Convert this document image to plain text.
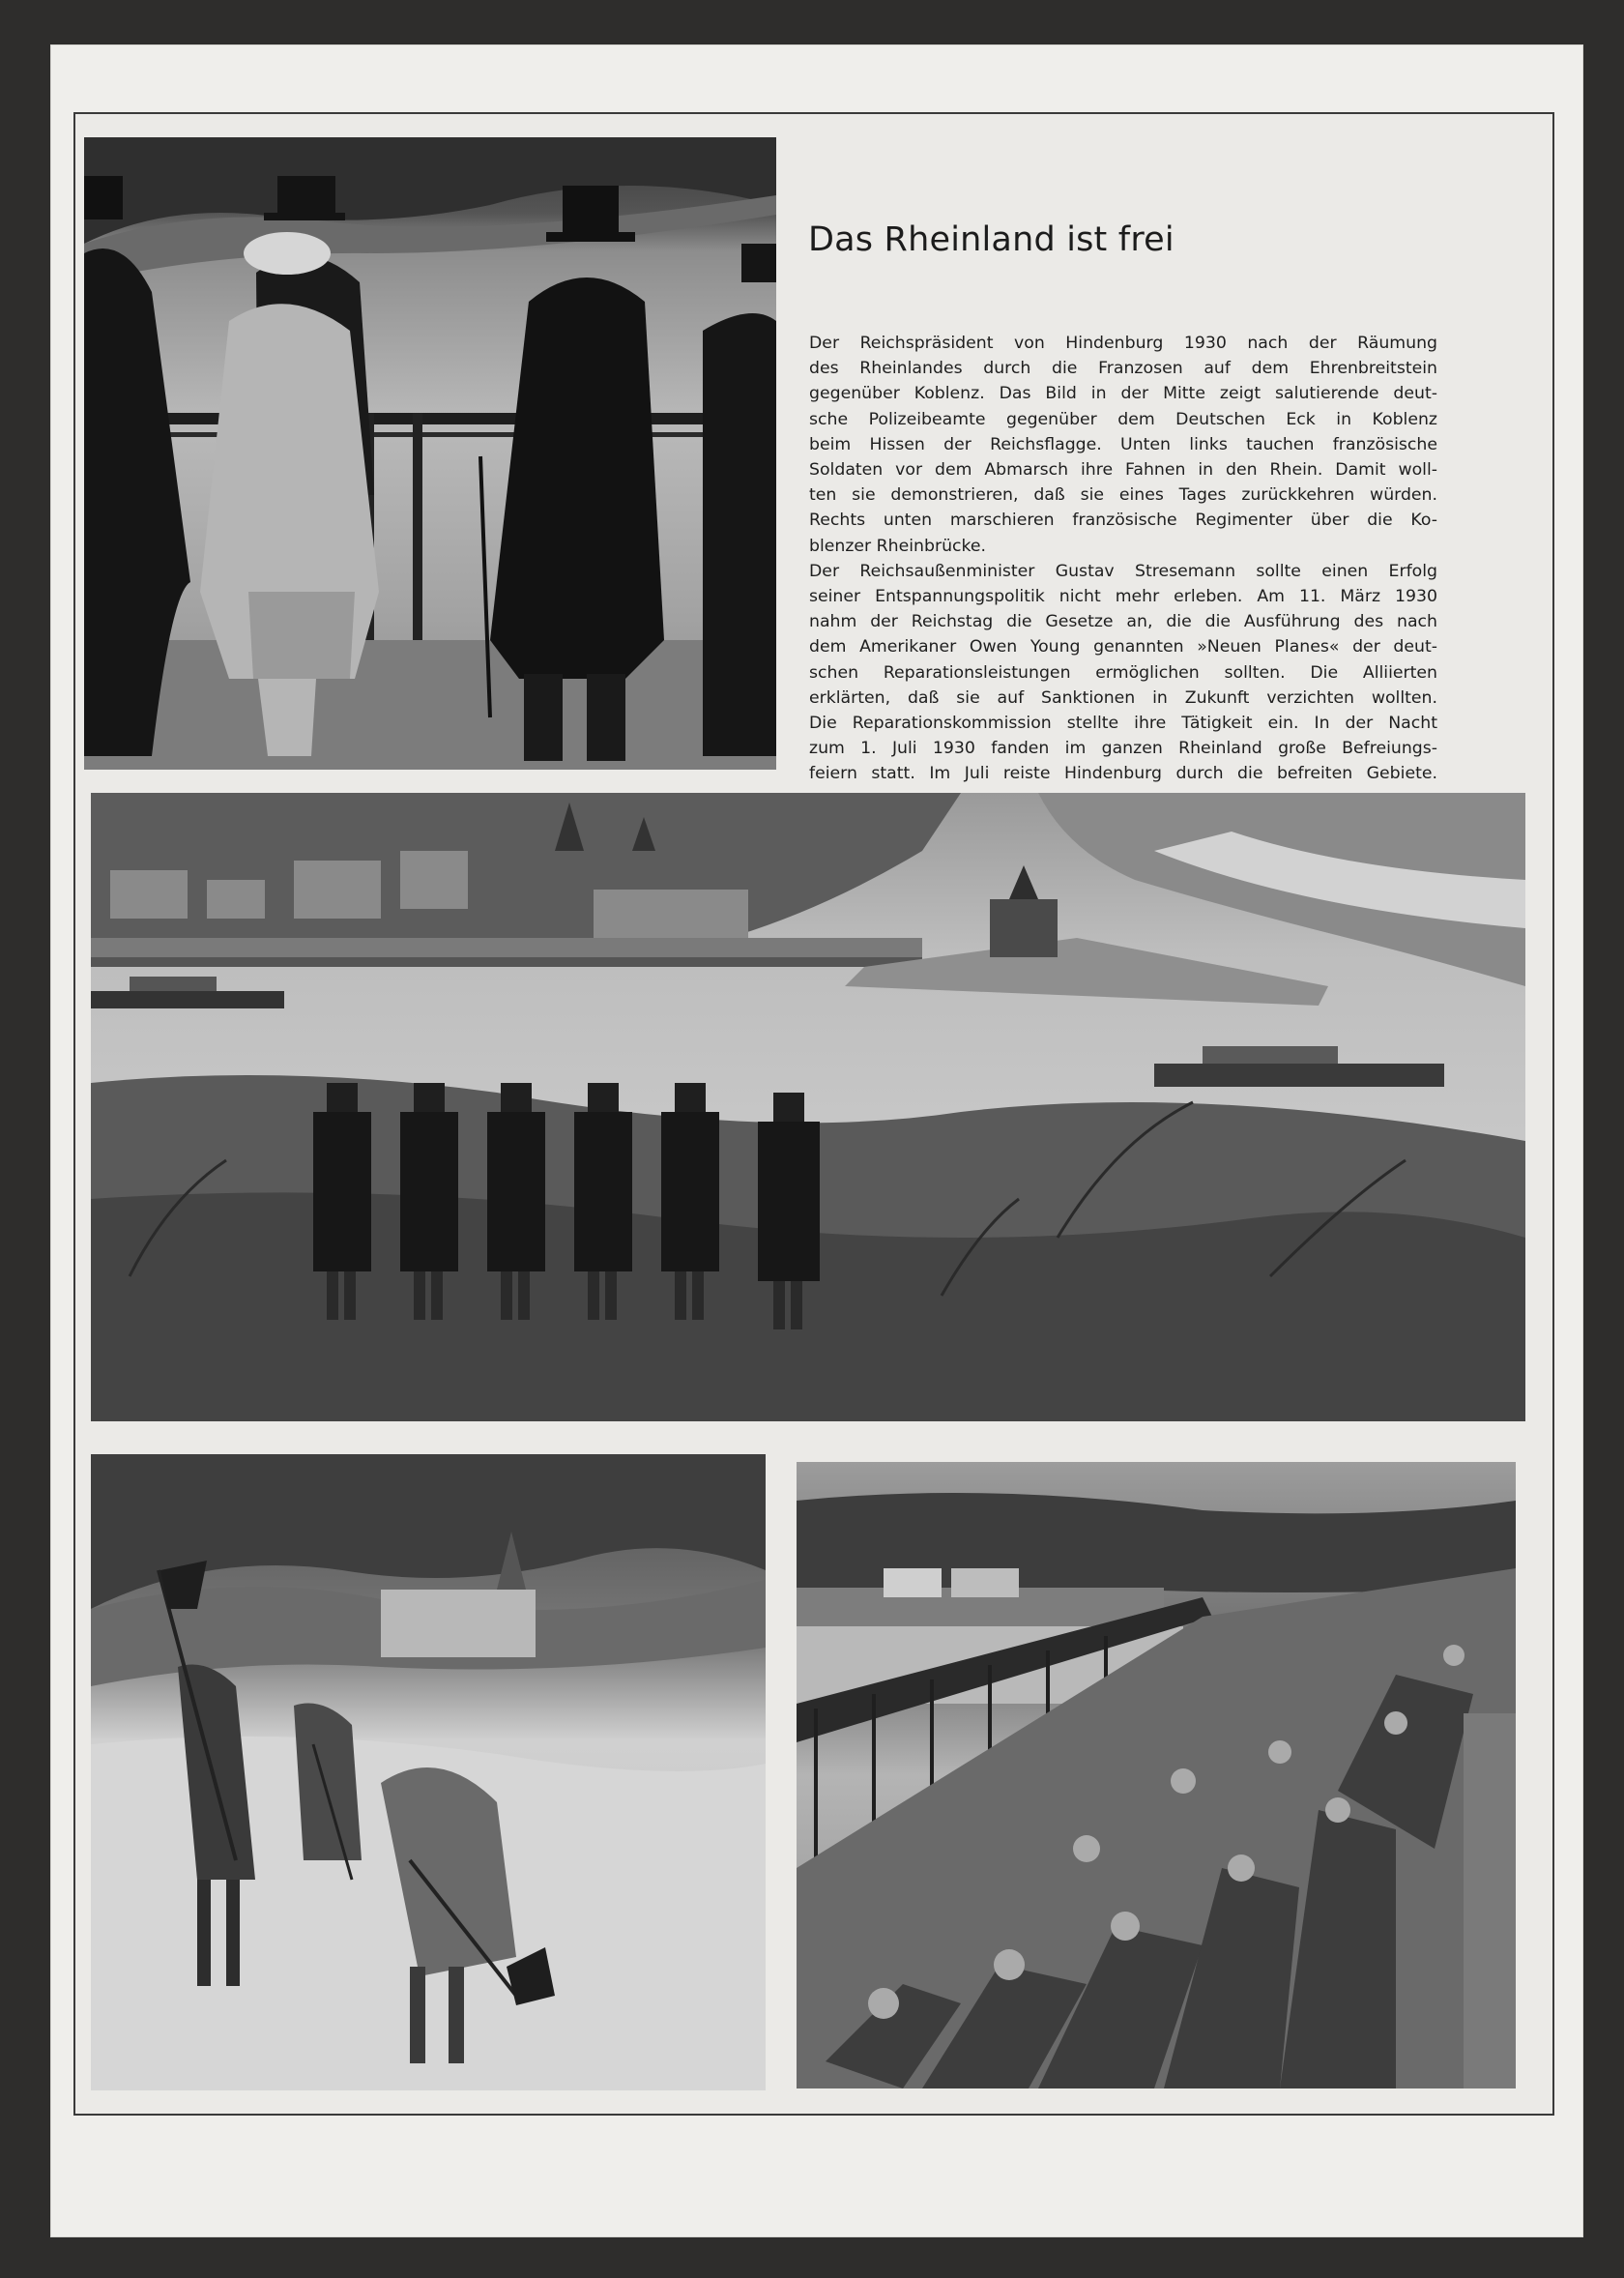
Das Rheinland ist frei
Der Reichspräsident von Hindenburg 1930 nach der Räumung
des Rheinlandes durch die Franzosen auf dem Ehrenbreitstein
gegenüber Koblenz. Das Bild in der Mitte zeigt salutierende deut-
sche Polizeibeamte gegenüber dem Deutschen Eck in Koblenz
beim Hissen der Reichsflagge. Unten links tauchen französische
Soldaten vor dem Abmarsch ihre Fahnen in den Rhein. Damit woll-
ten sie demonstrieren, daß sie eines Tages zurückkehren würden.
Rechts unten marschieren französische Regimenter über die Ko-
blenzer Rheinbrücke.
Der Reichsaußenminister Gustav Stresemann sollte einen Erfolg
seiner Entspannungspolitik nicht mehr erleben. Am 11. März 1930
nahm der Reichstag die Gesetze an, die die Ausführung des nach
dem Amerikaner Owen Young genannten »Neuen Planes« der deut-
schen Reparationsleistungen ermöglichen sollten. Die Alliierten
erklärten, daß sie auf Sanktionen in Zukunft verzichten wollten.
Die Reparationskommission stellte ihre Tätigkeit ein. In der Nacht
zum 1. Juli 1930 fanden im ganzen Rheinland große Befreiungs-
feiern statt. Im Juli reiste Hindenburg durch die befreiten Gebiete.
